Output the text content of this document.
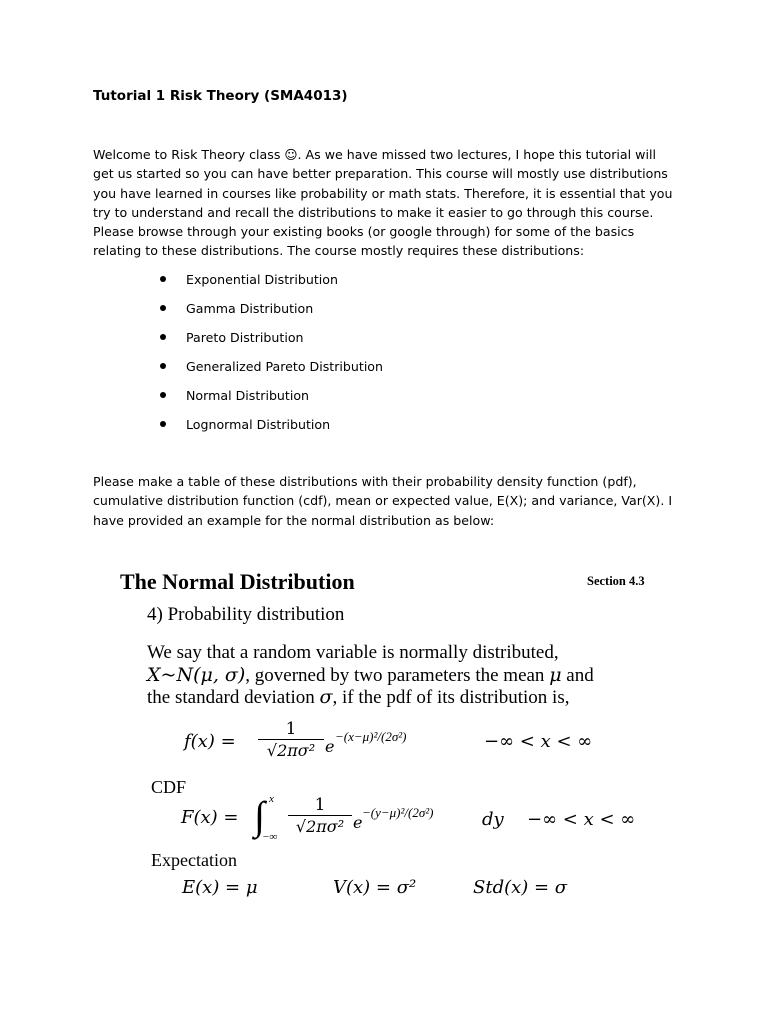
Tutorial 1 Risk Theory (SMA4013)
Welcome to Risk Theory class ☺. As we have missed two lectures, I hope this tutorial will
get us started so you can have better preparation. This course will mostly use distributions
you have learned in courses like probability or math stats. Therefore, it is essential that you
try to understand and recall the distributions to make it easier to go through this course.
Please browse through your existing books (or google through) for some of the basics
relating to these distributions. The course mostly requires these distributions:
Exponential Distribution
Gamma Distribution
Pareto Distribution
Generalized Pareto Distribution
Normal Distribution
Lognormal Distribution
Please make a table of these distributions with their probability density function (pdf),
cumulative distribution function (cdf), mean or expected value, E(X); and variance, Var(X). I
have provided an example for the normal distribution as below:
The Normal Distribution	Section 4.3
4) Probability distribution
We say that a random variable is normally distributed,
X~N(μ, σ), governed by two parameters the mean μ and
the standard deviation σ, if the pdf of its distribution is,
f(x) =
1
√2πσ² e
−(x−μ)²/(2σ²)	−∞ < x < ∞
CDF
F(x) = ∫ x
−∞
1
√2πσ² e
−(y−μ)²/(2σ²)	dy −∞ < x < ∞
Expectation
E(x) = μ	V(x) = σ²	Std(x) = σ
